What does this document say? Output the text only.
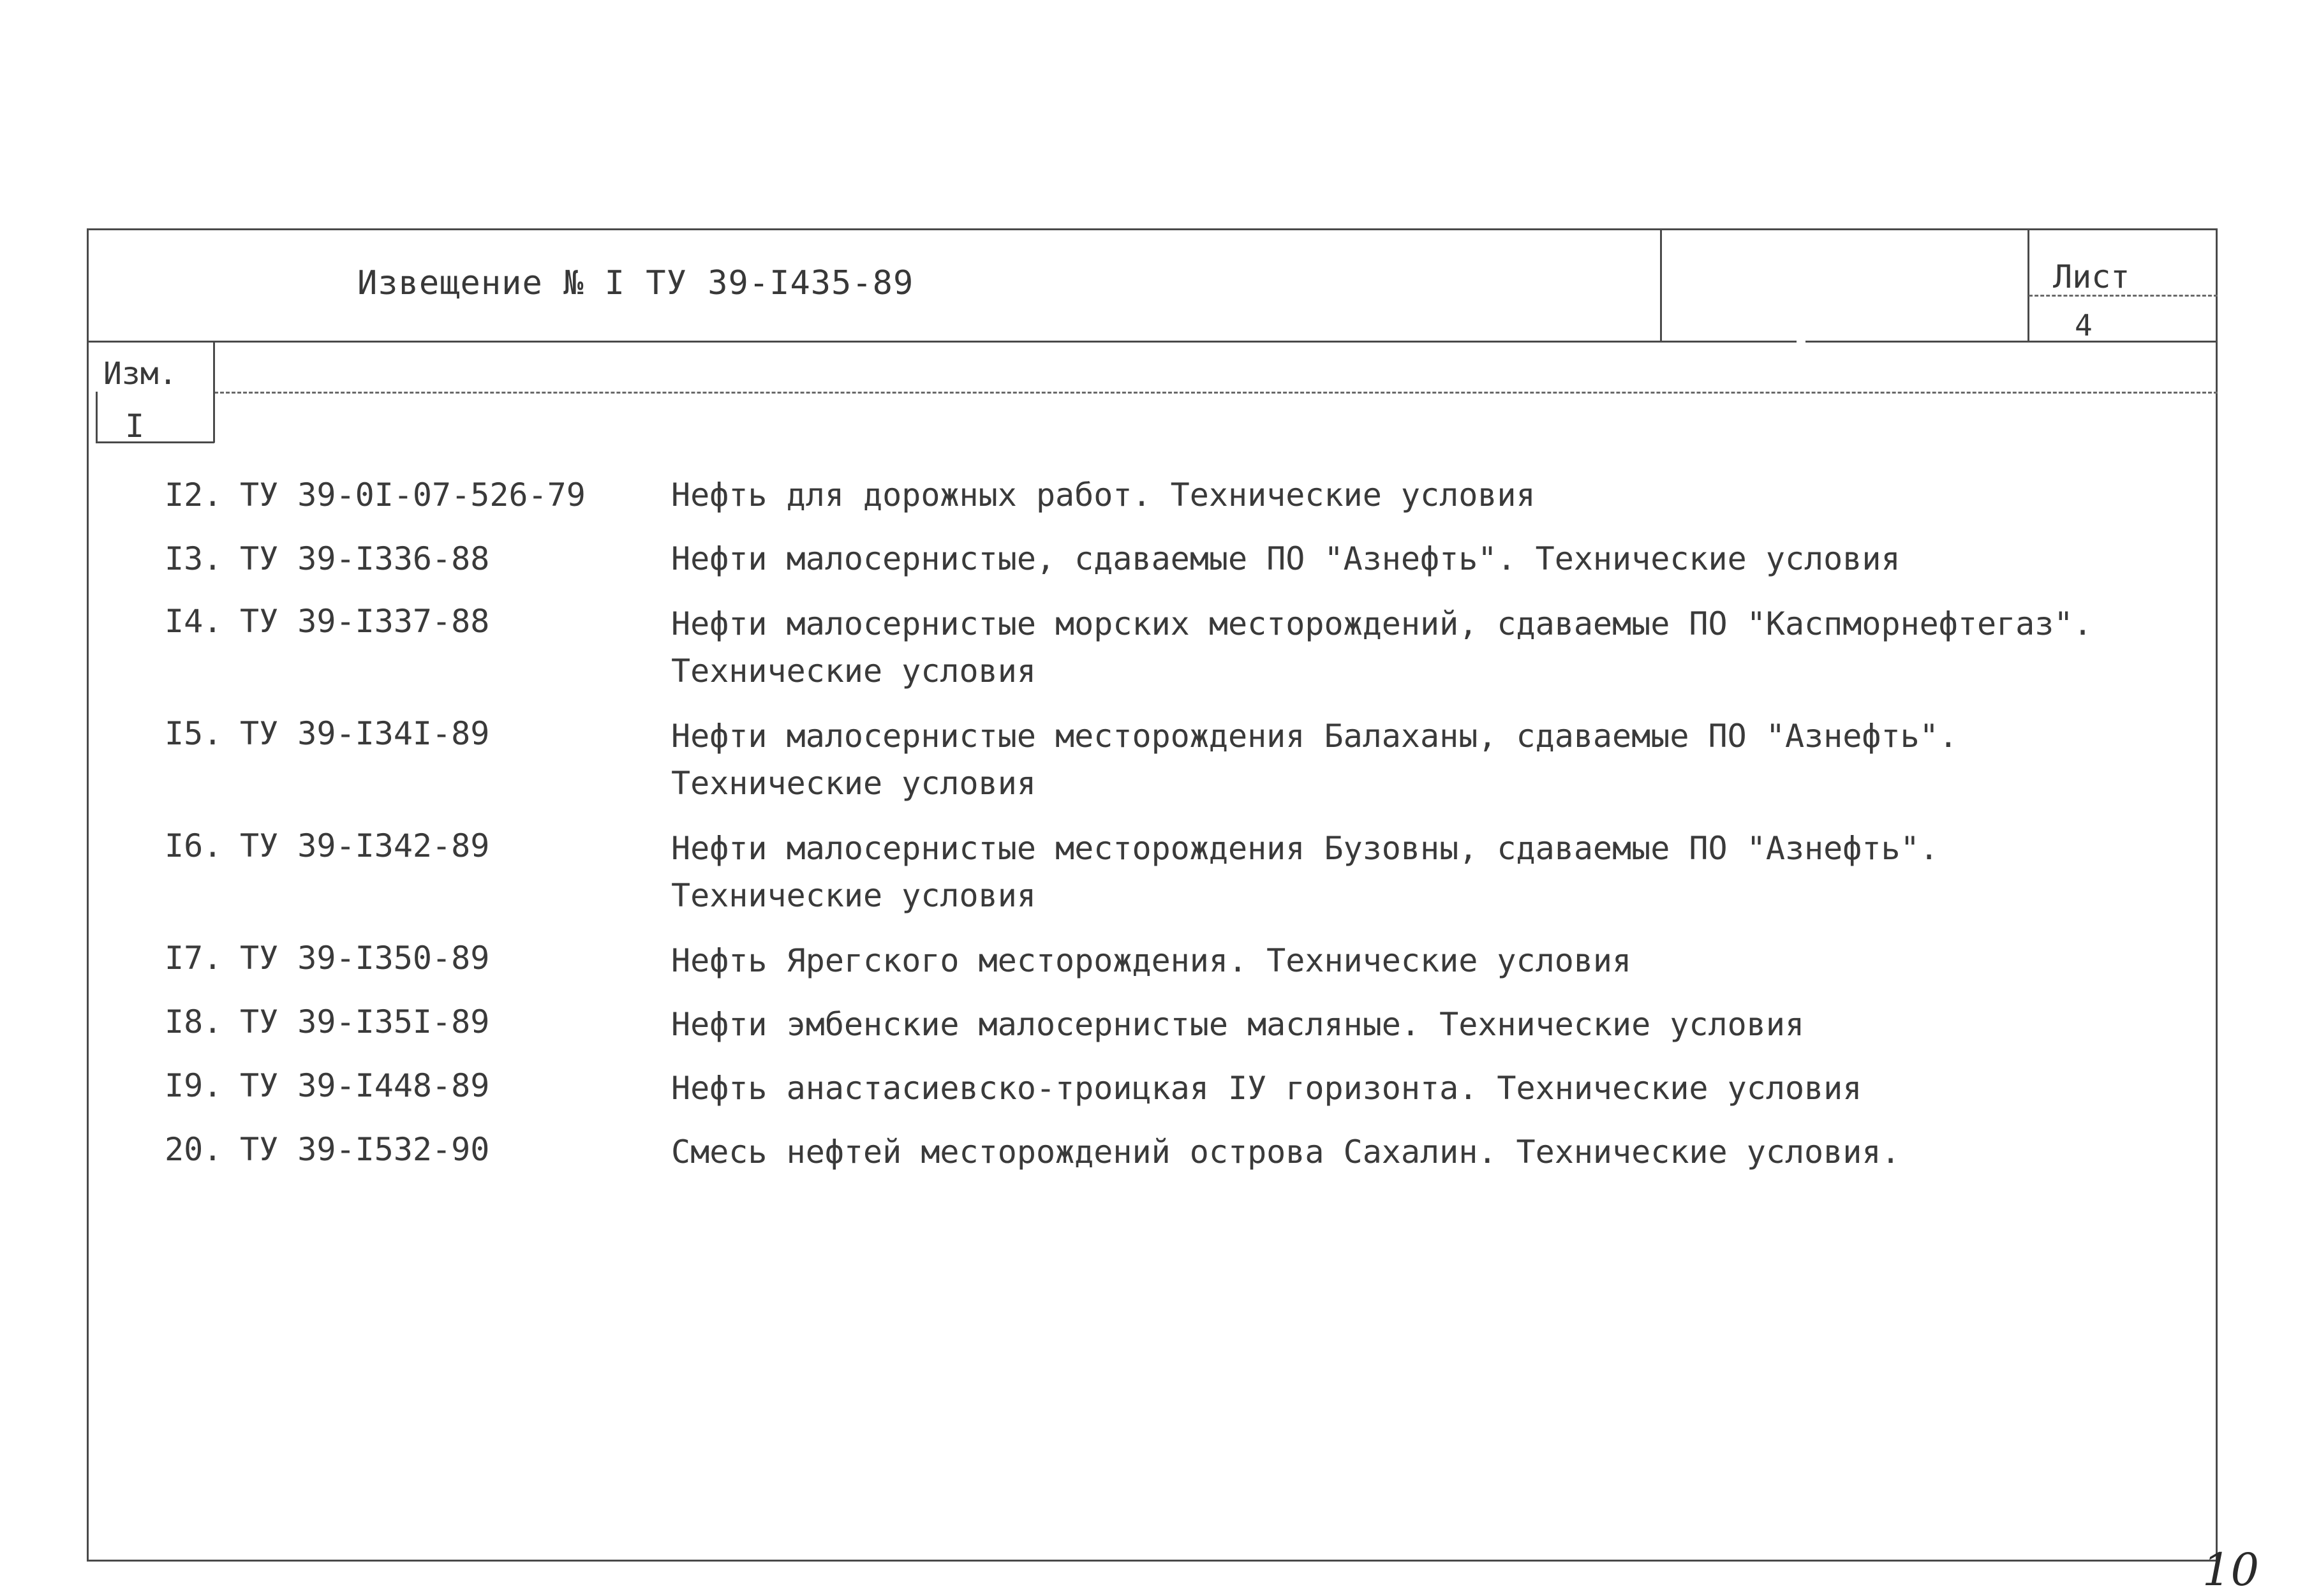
Извещение № I ТУ 39-I435-89	Лист
4
Изм.
I
I2. ТУ 39-0I-07-526-79	Нефть для дорожных работ. Технические условия
I3. ТУ 39-I336-88	Нефти малосернистые, сдаваемые ПО "Азнефть". Технические условия
I4. ТУ 39-I337-88	Нефти малосернистые морских месторождений, сдаваемые ПО "Каспморнефтегаз".
Технические условия
I5. ТУ 39-I34I-89	Нефти малосернистые месторождения Балаханы, сдаваемые ПО "Азнефть".
Технические условия
I6. ТУ 39-I342-89	Нефти малосернистые месторождения Бузовны, сдаваемые ПО "Азнефть".
Технические условия
I7. ТУ 39-I350-89	Нефть Ярегского месторождения. Технические условия
I8. ТУ 39-I35I-89	Нефти эмбенские малосернистые масляные. Технические условия
I9. ТУ 39-I448-89	Нефть анастасиевско-троицкая IУ горизонта. Технические условия
20. ТУ 39-I532-90	Смесь нефтей месторождений острова Сахалин. Технические условия.
10
